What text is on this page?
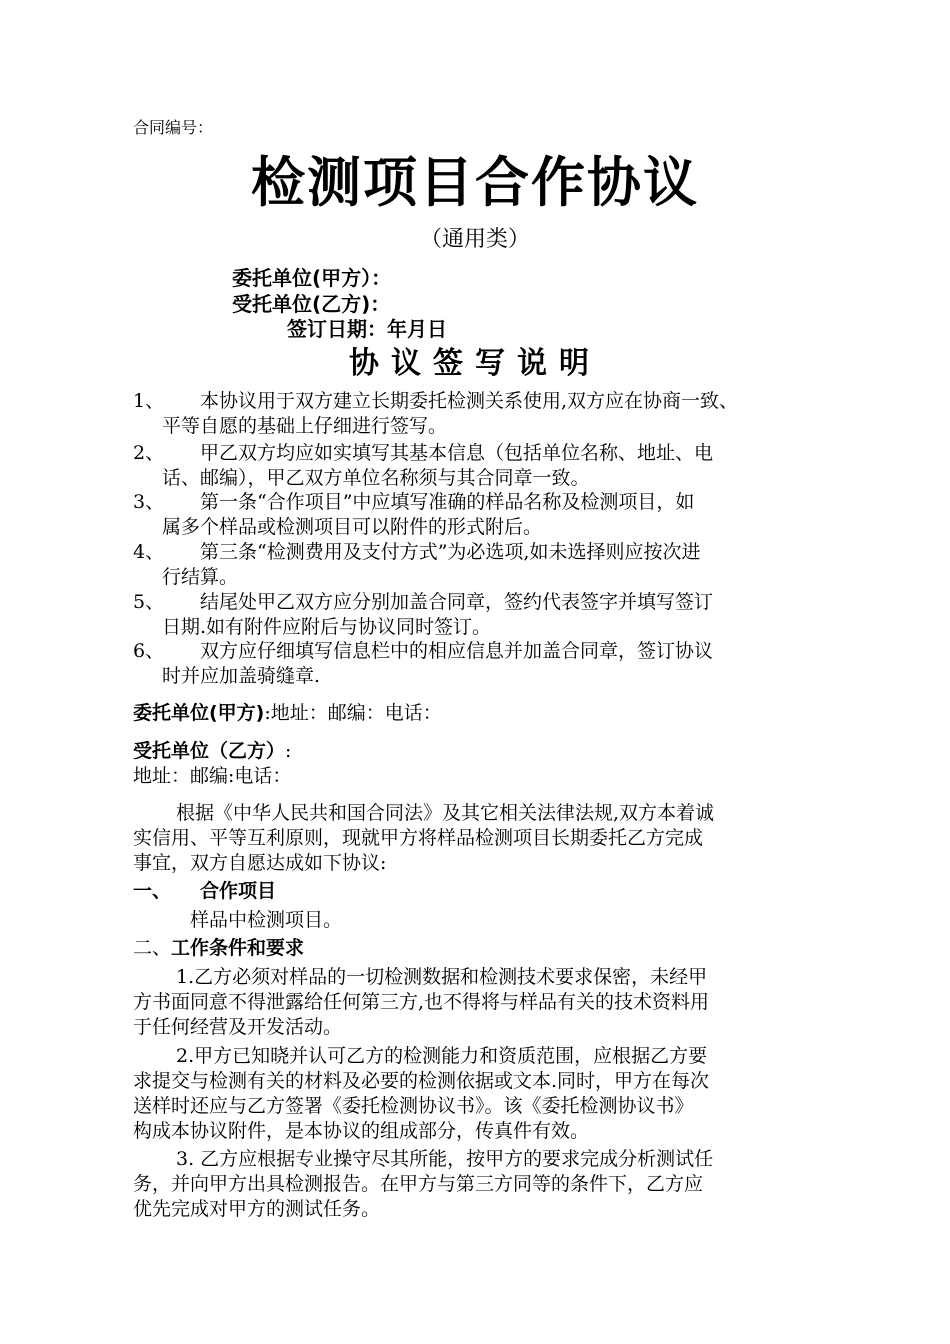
合同编号：
检测项目合作协议
（通用类）
委托单位(甲方）：
受托单位(乙方)：
签订日期：年月日
协议签写说明
1、 本协议用于双方建立长期委托检测关系使用,双方应在协商一致、
平等自愿的基础上仔细进行签写。
2、 甲乙双方均应如实填写其基本信息（包括单位名称、地址、电
话、邮编），甲乙双方单位名称须与其合同章一致。
3、 第一条“合作项目”中应填写准确的样品名称及检测项目，如
属多个样品或检测项目可以附件的形式附后。
4、 第三条“检测费用及支付方式”为必选项,如未选择则应按次进
行结算。
5、 结尾处甲乙双方应分别加盖合同章，签约代表签字并填写签订
日期.如有附件应附后与协议同时签订。
6、 双方应仔细填写信息栏中的相应信息并加盖合同章，签订协议
时并应加盖骑缝章.
委托单位(甲方):地址：邮编：电话：
受托单位（乙方）:
地址：邮编:电话：
根据《中华人民共和国合同法》及其它相关法律法规,双方本着诚
实信用、平等互利原则，现就甲方将样品检测项目长期委托乙方完成
事宜，双方自愿达成如下协议:
一、 合作项目
样品中检测项目。
二、工作条件和要求
1.乙方必须对样品的一切检测数据和检测技术要求保密，未经甲
方书面同意不得泄露给任何第三方,也不得将与样品有关的技术资料用
于任何经营及开发活动。
2.甲方已知晓并认可乙方的检测能力和资质范围，应根据乙方要
求提交与检测有关的材料及必要的检测依据或文本.同时，甲方在每次
送样时还应与乙方签署《委托检测协议书》。该《委托检测协议书》
构成本协议附件，是本协议的组成部分，传真件有效。
3. 乙方应根据专业操守尽其所能，按甲方的要求完成分析测试任
务，并向甲方出具检测报告。在甲方与第三方同等的条件下，乙方应
优先完成对甲方的测试任务。
